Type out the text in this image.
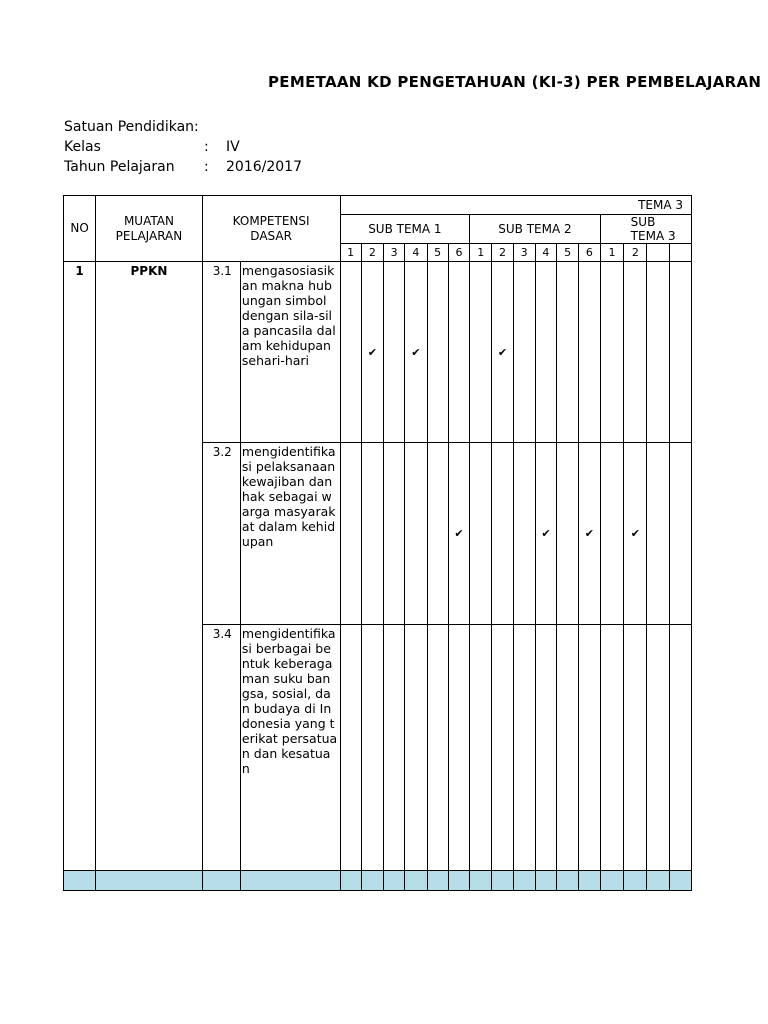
PEMETAAN KD PENGETAHUAN (KI-3) PER PEMBELAJARAN
Satuan Pendidikan:
Kelas	: IV
Tahun Pelajaran : 2016/2017
NO	MUATAN PELAJARAN	KOMPETENSI DASAR		TEMA 3															
				SUB TEMA 1						SUB TEMA 2						SUB TEMA 3			
				1	2	3	4	5	6	1	2	3	4	5	6	1	2		
1	PPKN	3.1	mengasosiasikan makna hubungan simbol dengan sila-sila pancasila dalam kehidupan sehari-hari		✔		✔				✔								
		3.2	mengidentifikasi pelaksanaan kewajiban dan hak sebagai warga masyarakat dalam kehidupan						✔				✔		✔		✔		
		3.4	mengidentifikasi berbagai bentuk keberagaman suku bangsa, sosial, dan budaya di Indonesia yang terikat persatuan dan kesatuan																
